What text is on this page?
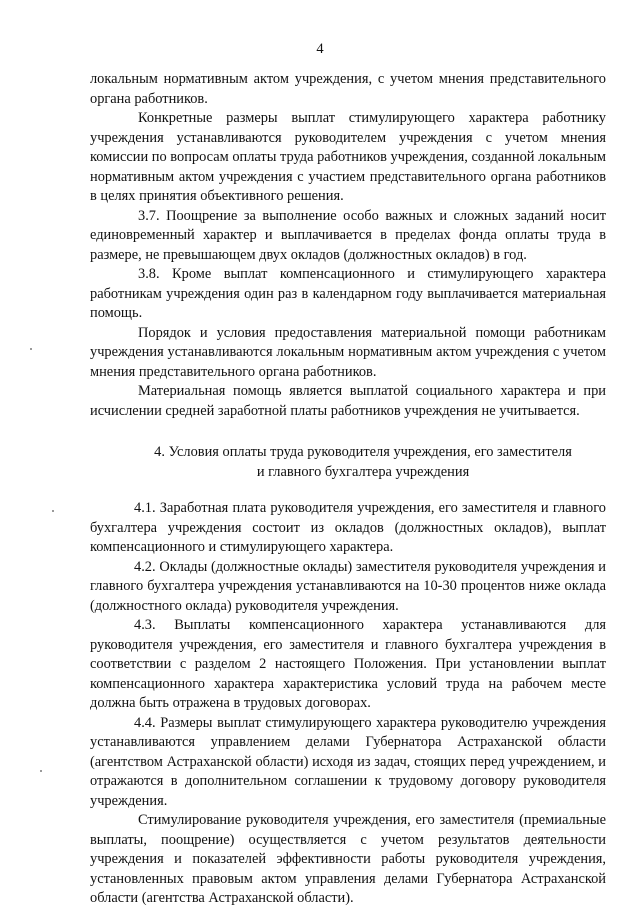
4

локальным нормативным актом учреждения, с учетом мнения представительного органа работников.

Конкретные размеры выплат стимулирующего характера работнику учреждения устанавливаются руководителем учреждения с учетом мнения комиссии по вопросам оплаты труда работников учреждения, созданной локальным нормативным актом учреждения с участием представительного органа работников в целях принятия объективного решения.

3.7. Поощрение за выполнение особо важных и сложных заданий носит единовременный характер и выплачивается в пределах фонда оплаты труда в размере, не превышающем двух окладов (должностных окладов) в год.

3.8. Кроме выплат компенсационного и стимулирующего характера работникам учреждения один раз в календарном году выплачивается материальная помощь.

Порядок и условия предоставления материальной помощи работникам учреждения устанавливаются локальным нормативным актом учреждения с учетом мнения представительного органа работников.

Материальная помощь является выплатой социального характера и при исчислении средней заработной платы работников учреждения не учитывается.

4. Условия оплаты труда руководителя учреждения, его заместителя
и главного бухгалтера учреждения

4.1. Заработная плата руководителя учреждения, его заместителя и главного бухгалтера учреждения состоит из окладов (должностных окладов), выплат компенсационного и стимулирующего характера.

4.2. Оклады (должностные оклады) заместителя руководителя учреждения и главного бухгалтера учреждения устанавливаются на 10-30 процентов ниже оклада (должностного оклада) руководителя учреждения.

4.3. Выплаты компенсационного характера устанавливаются для руководителя учреждения, его заместителя и главного бухгалтера учреждения в соответствии с разделом 2 настоящего Положения. При установлении выплат компенсационного характера характеристика условий труда на рабочем месте должна быть отражена в трудовых договорах.

4.4. Размеры выплат стимулирующего характера руководителю учреждения устанавливаются управлением делами Губернатора Астраханской области (агентством Астраханской области) исходя из задач, стоящих перед учреждением, и отражаются в дополнительном соглашении к трудовому договору руководителя учреждения.

Стимулирование руководителя учреждения, его заместителя (премиальные выплаты, поощрение) осуществляется с учетом результатов деятельности учреждения и показателей эффективности работы руководителя учреждения, установленных правовым актом управления делами Губернатора Астраханской области (агентства Астраханской области).
